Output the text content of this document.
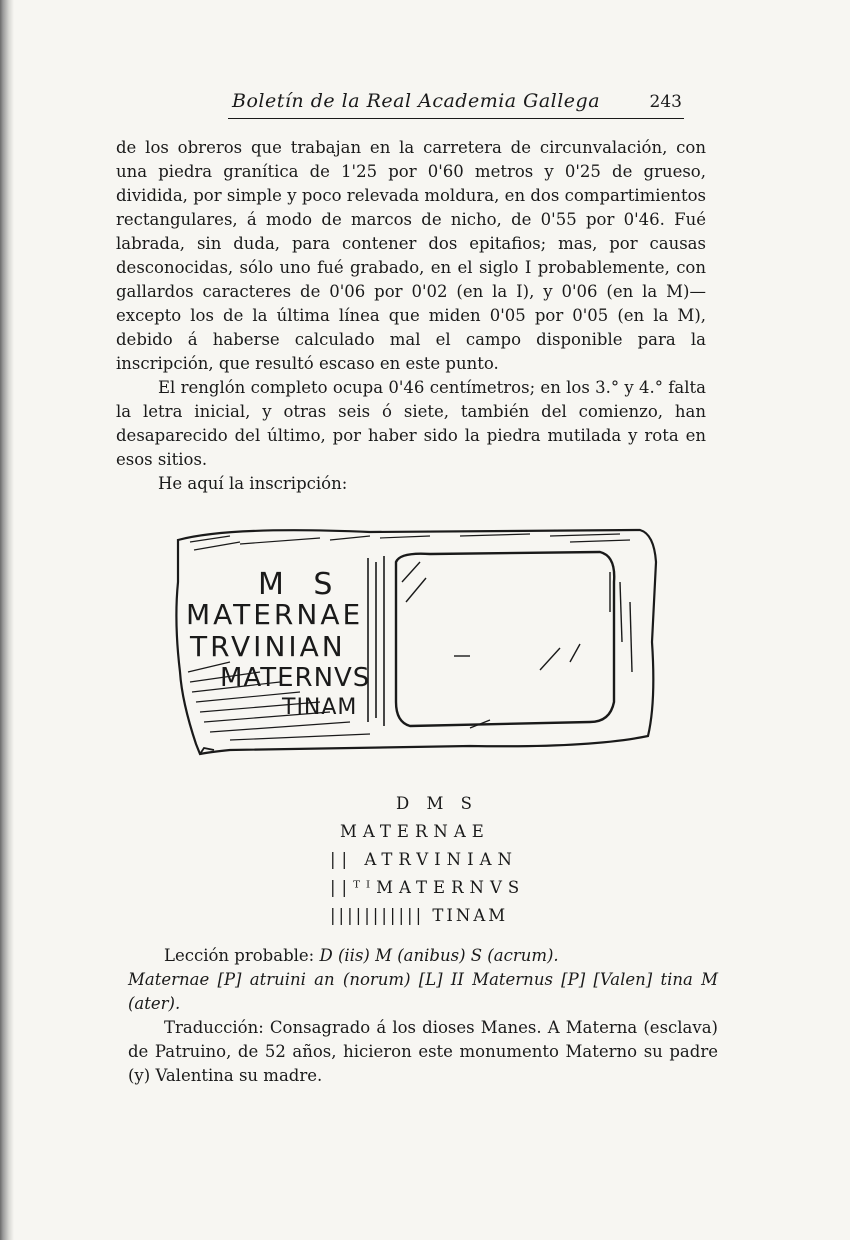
Boletín de la Real Academia Gallega	243

de los obreros que trabajan en la carretera de circunvalación, con una piedra granítica de 1'25 por 0'60 metros y 0'25 de grueso, dividida, por simple y poco relevada moldura, en dos compartimientos rectangulares, á modo de marcos de nicho, de 0'55 por 0'46. Fué labrada, sin duda, para contener dos epitafios; mas, por causas desconocidas, sólo uno fué grabado, en el siglo I probablemente, con gallardos caracteres de 0'06 por 0'02 (en la I), y 0'06 (en la M)—excepto los de la última línea que miden 0'05 por 0'05 (en la M), debido á haberse calculado mal el campo disponible para la inscripción, que resultó escaso en este punto.

El renglón completo ocupa 0'46 centímetros; en los 3.° y 4.° falta la letra inicial, y otras seis ó siete, también del comienzo, han desaparecido del último, por haber sido la piedra mutilada y rota en esos sitios.

He aquí la inscripción:

M S
MATERNAE
TRVINIAN
MATERNVS
TINAM
D M S
MATERNAE
|| ATRVINIAN
||ᵀᴵMATERNVS
||||||||||| TINAM

Lección probable: D (iis) M (anibus) S (acrum).

Maternae [P] atruini an (norum) [L] II Maternus [P] [Valen] tina M (ater).

Traducción: Consagrado á los dioses Manes. A Materna (esclava) de Patruino, de 52 años, hicieron este monumento Materno su padre (y) Valentina su madre.
